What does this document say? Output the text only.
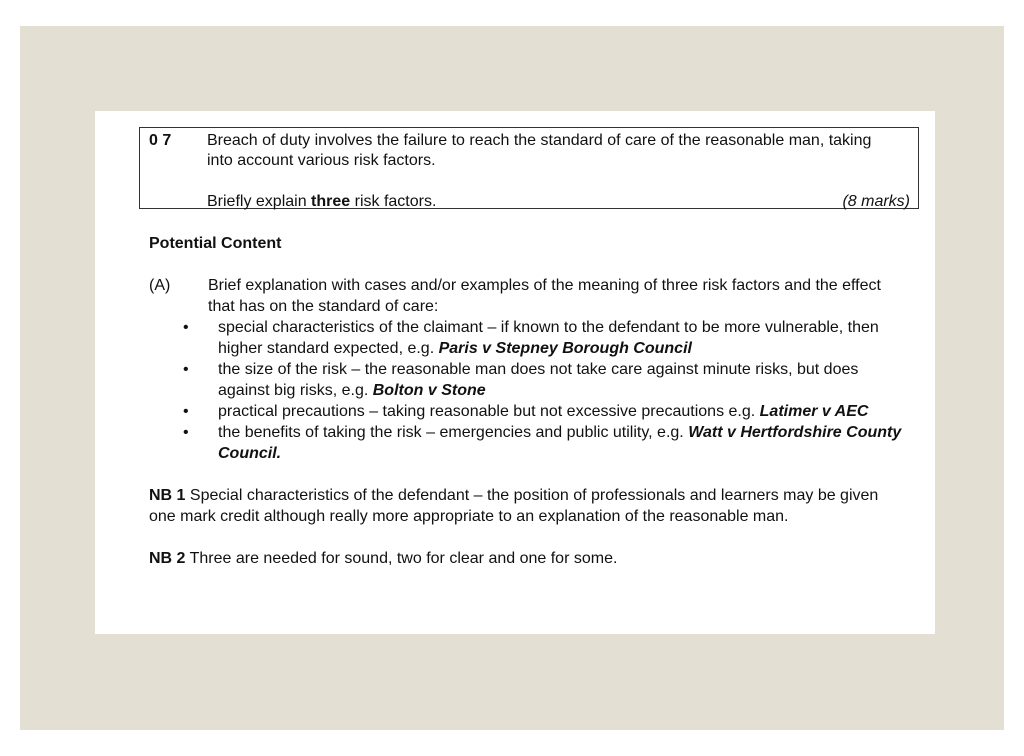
0 7 Breach of duty involves the failure to reach the standard of care of the reasonable man, taking into account various risk factors.
Briefly explain three risk factors.	(8 marks)

Potential Content

(A) Brief explanation with cases and/or examples of the meaning of three risk factors and the effect that has on the standard of care:
• special characteristics of the claimant – if known to the defendant to be more vulnerable, then higher standard expected, e.g. Paris v Stepney Borough Council
• the size of the risk – the reasonable man does not take care against minute risks, but does against big risks, e.g. Bolton v Stone
• practical precautions – taking reasonable but not excessive precautions e.g. Latimer v AEC
• the benefits of taking the risk – emergencies and public utility, e.g. Watt v Hertfordshire County Council.

NB 1 Special characteristics of the defendant – the position of professionals and learners may be given one mark credit although really more appropriate to an explanation of the reasonable man.

NB 2 Three are needed for sound, two for clear and one for some.
